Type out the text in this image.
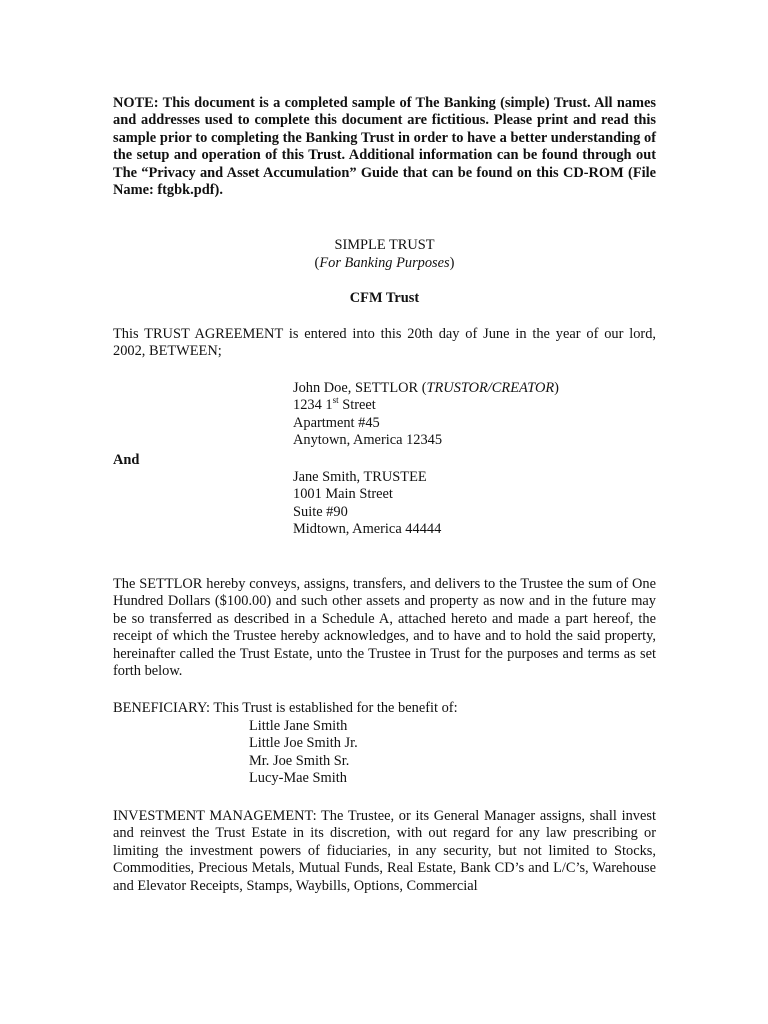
NOTE: This document is a completed sample of The Banking (simple) Trust. All names and addresses used to complete this document are fictitious. Please print and read this sample prior to completing the Banking Trust in order to have a better understanding of the setup and operation of this Trust. Additional information can be found through out The “Privacy and Asset Accumulation” Guide that can be found on this CD-ROM (File Name: ftgbk.pdf).

SIMPLE TRUST
(For Banking Purposes)
CFM Trust

This TRUST AGREEMENT is entered into this 20th day of June in the year of our lord, 2002, BETWEEN;

John Doe, SETTLOR (TRUSTOR/CREATOR)
1234 1st Street
Apartment #45
Anytown, America 12345
And
Jane Smith, TRUSTEE
1001 Main Street
Suite #90
Midtown, America 44444

The SETTLOR hereby conveys, assigns, transfers, and delivers to the Trustee the sum of One Hundred Dollars ($100.00) and such other assets and property as now and in the future may be so transferred as described in a Schedule A, attached hereto and made a part hereof, the receipt of which the Trustee hereby acknowledges, and to have and to hold the said property, hereinafter called the Trust Estate, unto the Trustee in Trust for the purposes and terms as set forth below.

BENEFICIARY: This Trust is established for the benefit of:

Little Jane Smith
Little Joe Smith Jr.
Mr. Joe Smith Sr.
Lucy-Mae Smith

INVESTMENT MANAGEMENT: The Trustee, or its General Manager assigns, shall invest and reinvest the Trust Estate in its discretion, with out regard for any law prescribing or limiting the investment powers of fiduciaries, in any security, but not limited to Stocks, Commodities, Precious Metals, Mutual Funds, Real Estate, Bank CD’s and L/C’s, Warehouse and Elevator Receipts, Stamps, Waybills, Options, Commercial
